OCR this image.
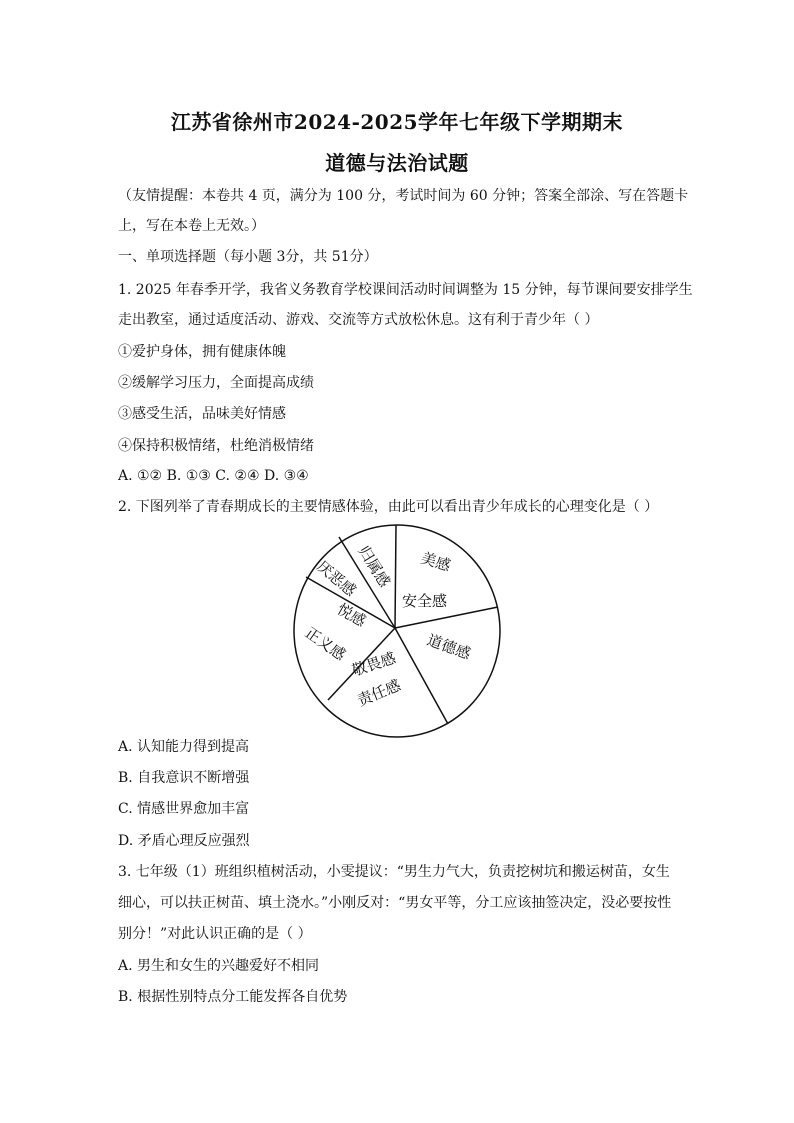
江苏省徐州市2024-2025学年七年级下学期期末
道德与法治试题
（友情提醒：本卷共 4 页，满分为 100 分，考试时间为 60 分钟；答案全部涂、写在答题卡
上，写在本卷上无效。）
一、单项选择题（每小题 3分，共 51分）
1. 2025 年春季开学，我省义务教育学校课间活动时间调整为 15 分钟，每节课间要安排学生
走出教室，通过适度活动、游戏、交流等方式放松休息。这有利于青少年（ ）
①爱护身体，拥有健康体魄
②缓解学习压力，全面提高成绩
③感受生活，品味美好情感
④保持积极情绪，杜绝消极情绪
A. ①② B. ①③ C. ②④ D. ③④
2. 下图列举了青春期成长的主要情感体验，由此可以看出青少年成长的心理变化是（ ）
归属感 美感
厌恶感
安全感
悦感
正义感	道德感
敬畏感
责任感
A. 认知能力得到提高
B. 自我意识不断增强
C. 情感世界愈加丰富
D. 矛盾心理反应强烈
3. 七年级（1）班组织植树活动，小雯提议：“男生力气大，负责挖树坑和搬运树苗，女生
细心，可以扶正树苗、填土浇水。”小刚反对：“男女平等，分工应该抽签决定，没必要按性
别分！”对此认识正确的是（ ）
A. 男生和女生的兴趣爱好不相同
B. 根据性别特点分工能发挥各自优势
